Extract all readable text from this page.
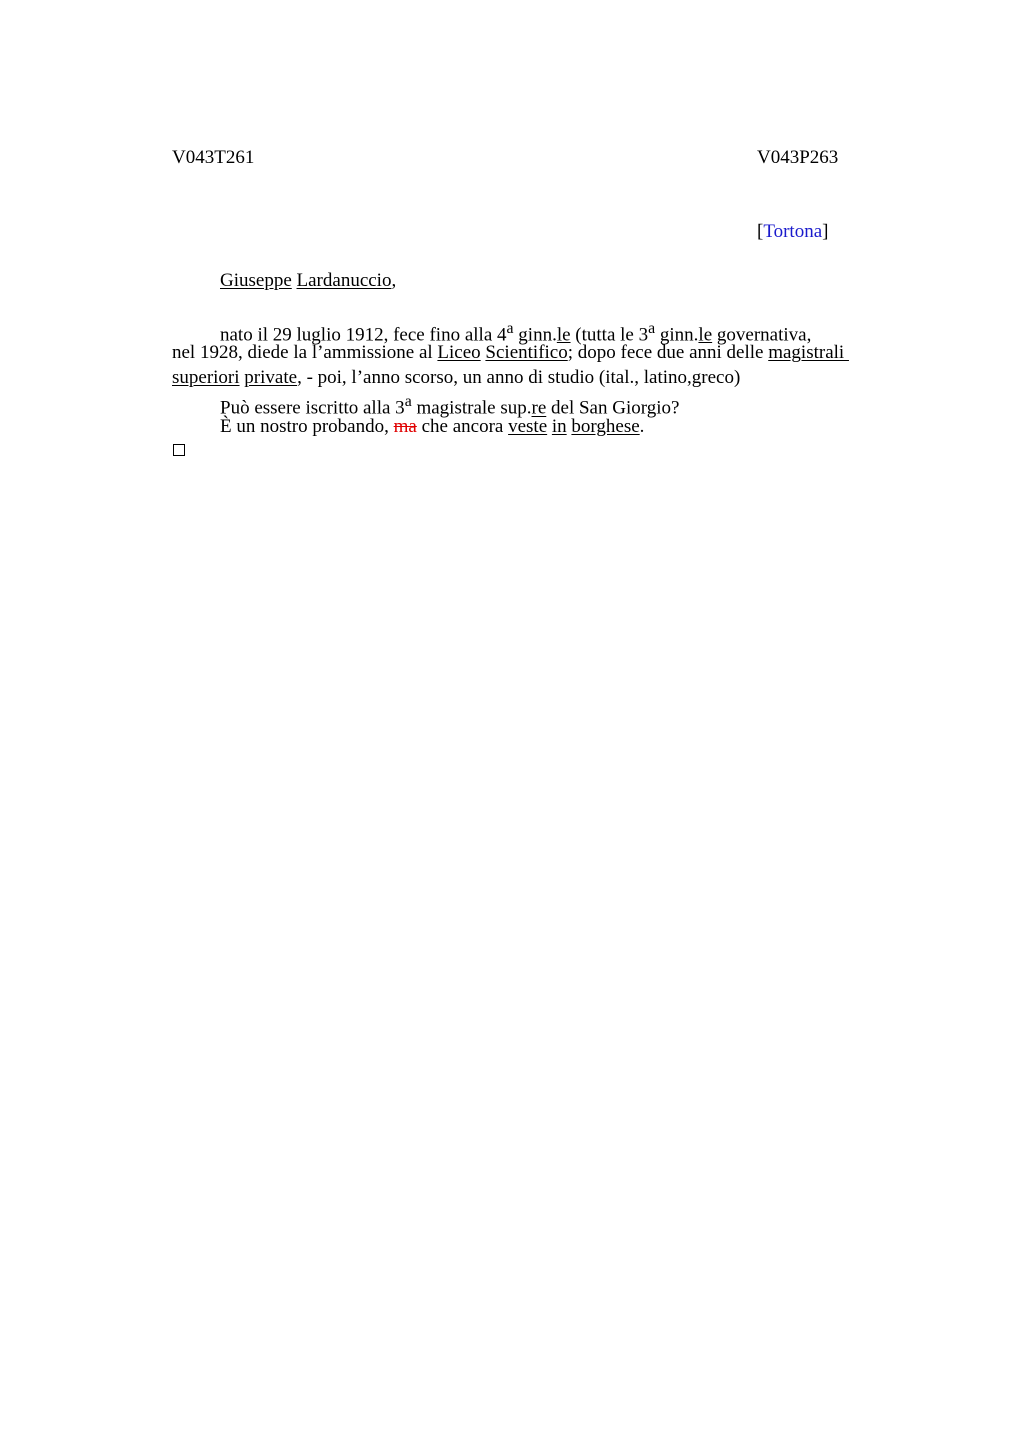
V043T261	V043P263
[Tortona]
Giuseppe Lardanuccio,
nato il 29 luglio 1912, fece fino alla 4$^a$ ginn.le (tutta le 3$^a$ ginn.le governativa,
nel 1928, diede la l’ammissione al Liceo Scientifico; dopo fece due anni delle magistrali
superiori private, - poi, l’anno scorso, un anno di studio (ital., latino,greco)
Può essere iscritto alla 3$^a$ magistrale sup.re del San Giorgio?
È un nostro probando, ma che ancora veste in borghese.
